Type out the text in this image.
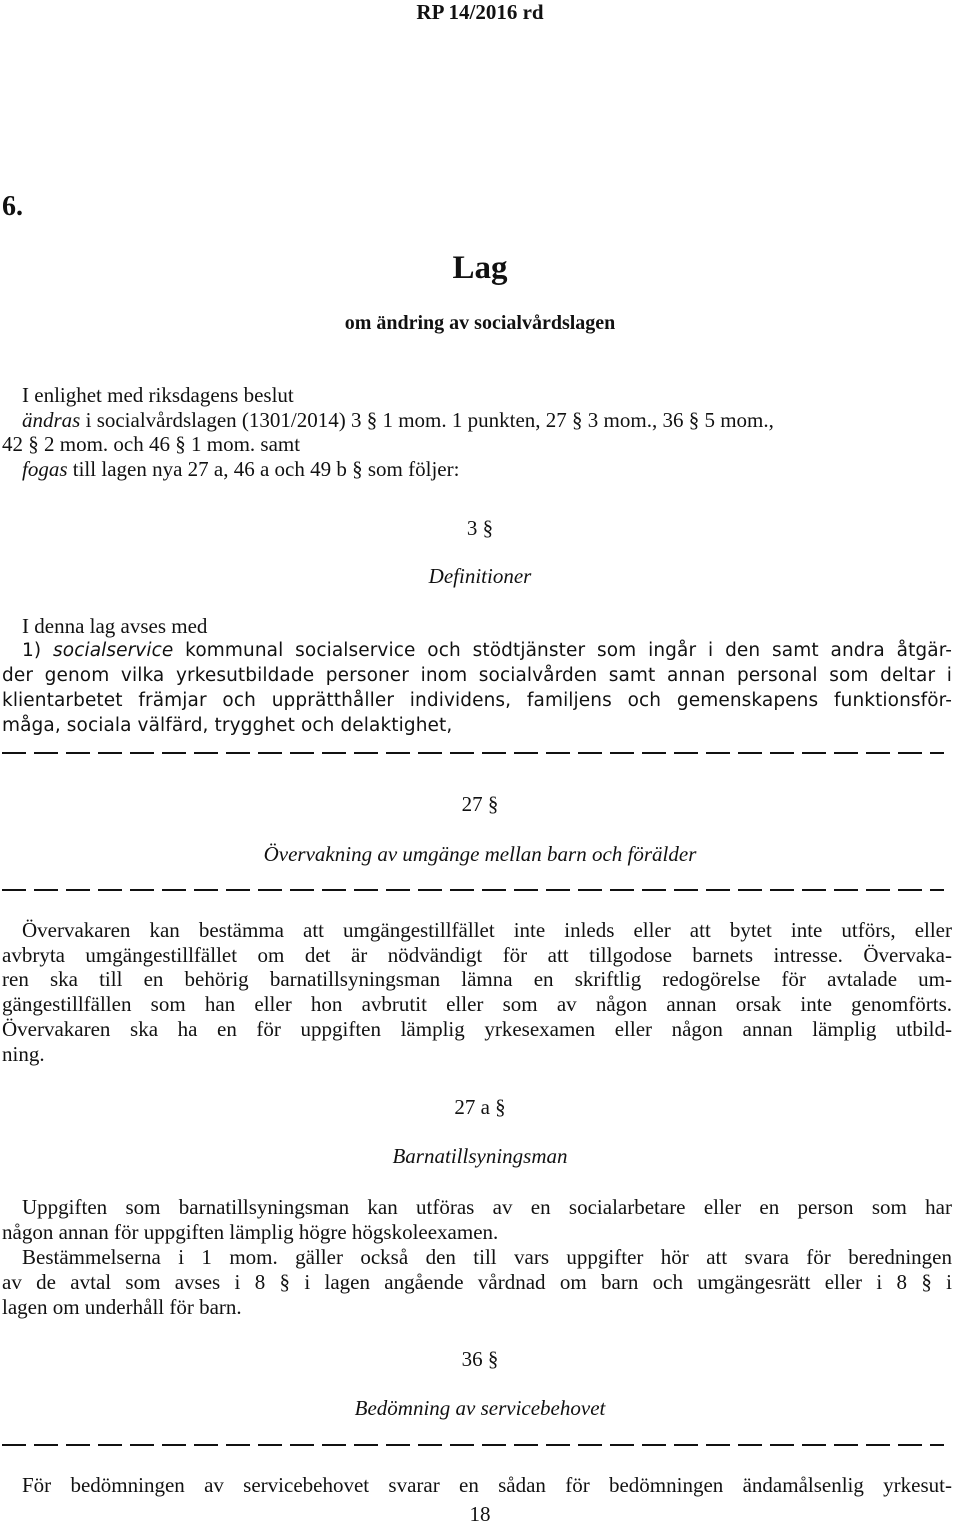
RP 14/2016 rd
6.
Lag
om ändring av socialvårdslagen
I enlighet med riksdagens beslut
ändras i socialvårdslagen (1301/2014) 3 § 1 mom. 1 punkten, 27 § 3 mom., 36 § 5 mom.,
42 § 2 mom. och 46 § 1 mom. samt
fogas till lagen nya 27 a, 46 a och 49 b § som följer:
3 §
Definitioner
I denna lag avses med
1) socialservice kommunal socialservice och stödtjänster som ingår i den samt andra åtgär-
der genom vilka yrkesutbildade personer inom socialvården samt annan personal som deltar i
klientarbetet främjar och upprätthåller individens, familjens och gemenskapens funktionsför-
måga, sociala välfärd, trygghet och delaktighet,
27 §
Övervakning av umgänge mellan barn och förälder
Övervakaren kan bestämma att umgängestillfället inte inleds eller att bytet inte utförs, eller
avbryta umgängestillfället om det är nödvändigt för att tillgodose barnets intresse. Övervaka-
ren ska till en behörig barnatillsyningsman lämna en skriftlig redogörelse för avtalade um-
gängestillfällen som han eller hon avbrutit eller som av någon annan orsak inte genomförts.
Övervakaren ska ha en för uppgiften lämplig yrkesexamen eller någon annan lämplig utbild-
ning.
27 a §
Barnatillsyningsman
Uppgiften som barnatillsyningsman kan utföras av en socialarbetare eller en person som har
någon annan för uppgiften lämplig högre högskoleexamen.
Bestämmelserna i 1 mom. gäller också den till vars uppgifter hör att svara för beredningen
av de avtal som avses i 8 § i lagen angående vårdnad om barn och umgängesrätt eller i 8 § i
lagen om underhåll för barn.
36 §
Bedömning av servicebehovet
För bedömningen av servicebehovet svarar en sådan för bedömningen ändamålsenlig yrkesut-
18
